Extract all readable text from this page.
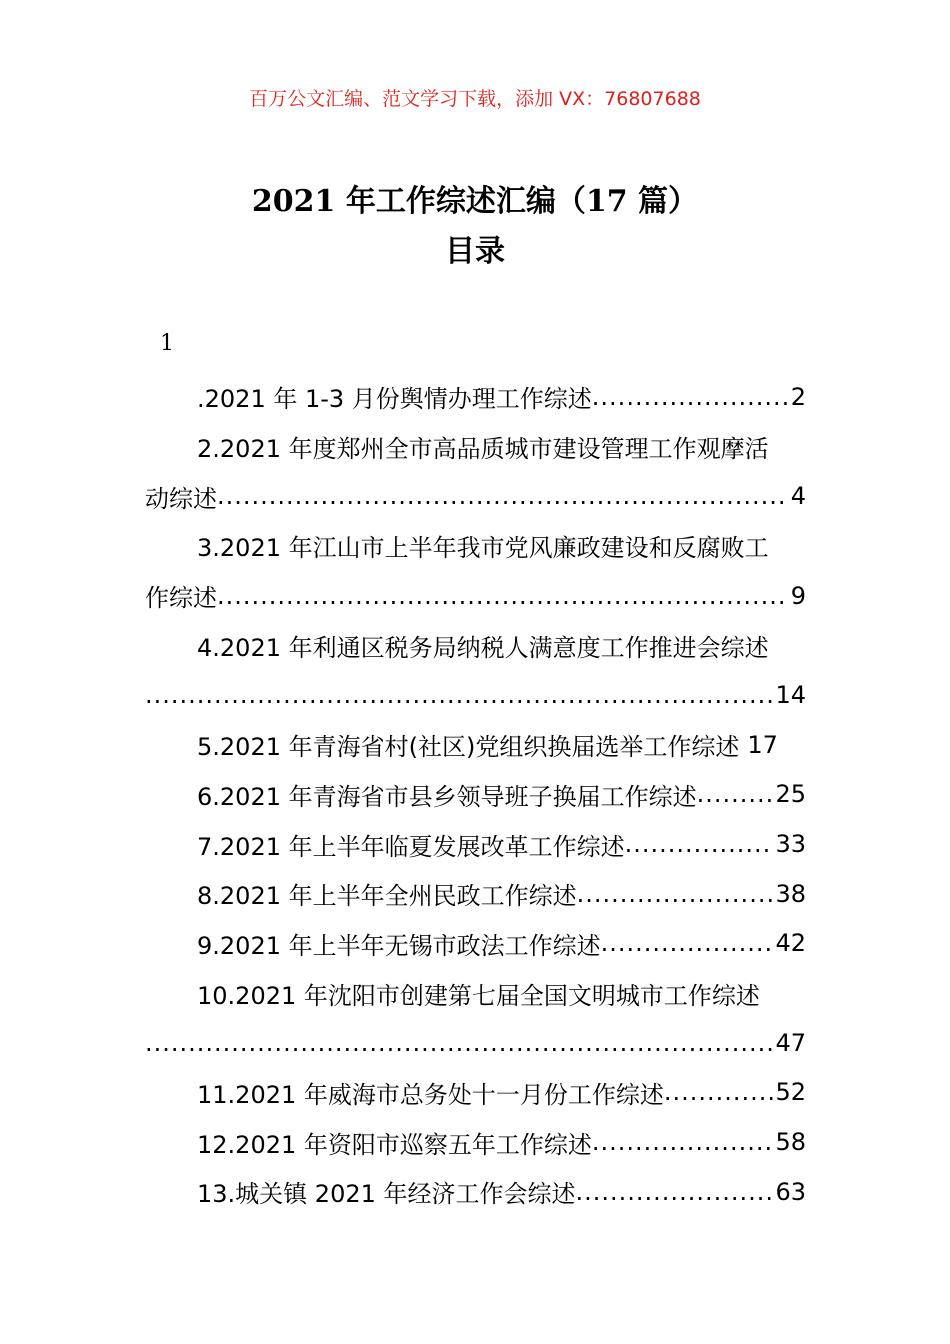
百万公文汇编、范文学习下载，添加 VX：76807688
2021 年工作综述汇编（17 篇）
目录
1
.2021 年 1-3 月份舆情办理工作综述 .....	2
2.2021 年度郑州全市高品质城市建设管理工作观摩活
动综述 .....	4
3.2021 年江山市上半年我市党风廉政建设和反腐败工
作综述 .....	9
4.2021 年利通区税务局纳税人满意度工作推进会综述
.....
14
5.2021 年青海省村(社区)党组织换届选举工作综述 17
6.2021 年青海省市县乡领导班子换届工作综述 .....	25
7.2021 年上半年临夏发展改革工作综述 .....	33
8.2021 年上半年全州民政工作综述 .....	38
9.2021 年上半年无锡市政法工作综述 .....	42
10.2021 年沈阳市创建第七届全国文明城市工作综述
.....
47
11.2021 年威海市总务处十一月份工作综述 .....	52
12.2021 年资阳市巡察五年工作综述 .....	58
13.城关镇 2021 年经济工作会综述 .....	63
